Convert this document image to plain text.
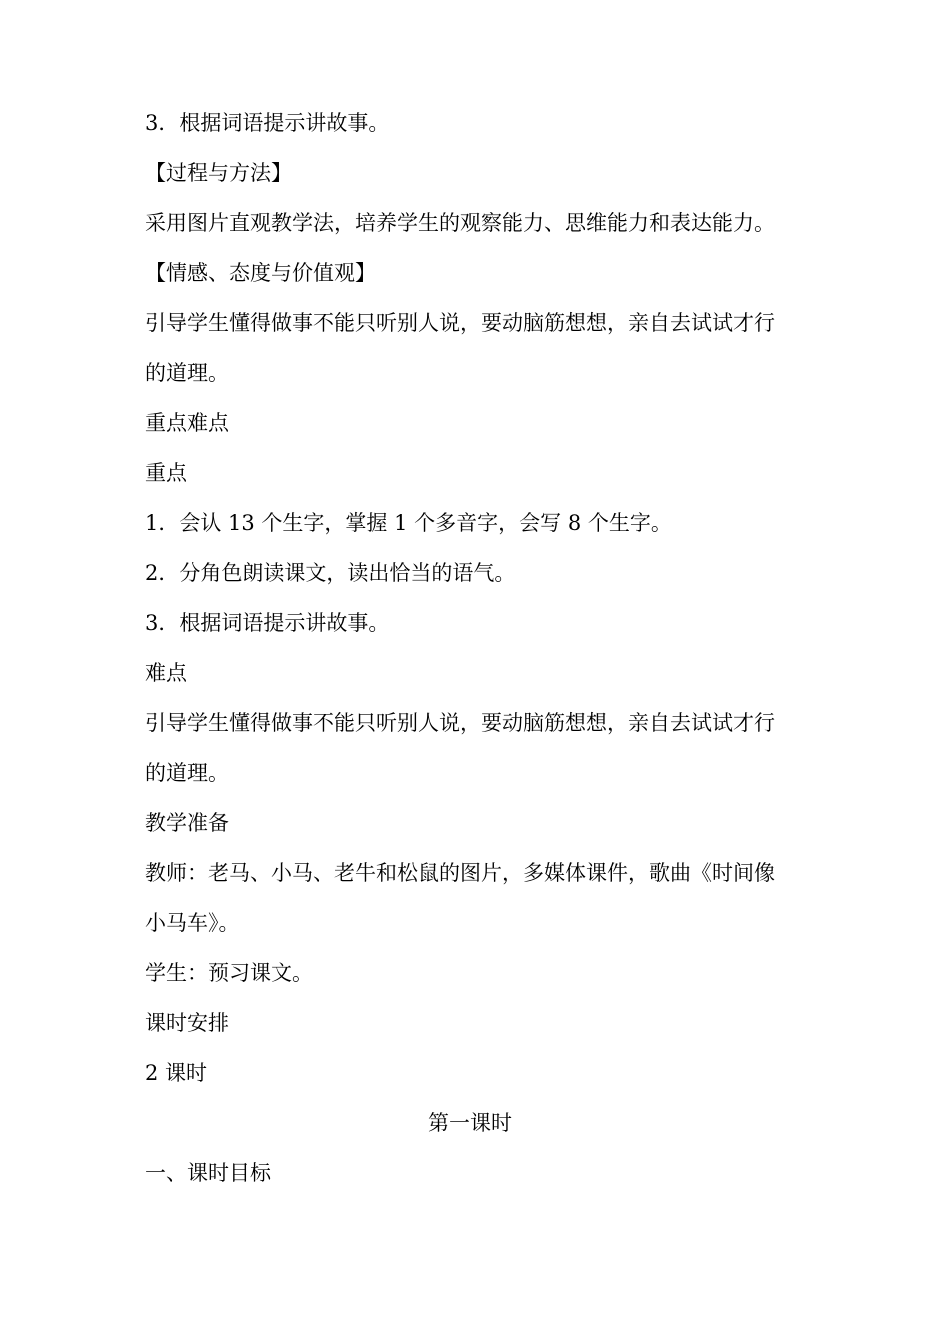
3．根据词语提示讲故事。

【过程与方法】

采用图片直观教学法，培养学生的观察能力、思维能力和表达能力。

【情感、态度与价值观】

引导学生懂得做事不能只听别人说，要动脑筋想想，亲自去试试才行

的道理。

重点难点

重点

1．会认 13 个生字，掌握 1 个多音字，会写 8 个生字。

2．分角色朗读课文，读出恰当的语气。

3．根据词语提示讲故事。

难点

引导学生懂得做事不能只听别人说，要动脑筋想想，亲自去试试才行

的道理。

教学准备

教师：老马、小马、老牛和松鼠的图片，多媒体课件，歌曲《时间像

小马车》。

学生：预习课文。

课时安排

2 课时

第一课时

一、课时目标
